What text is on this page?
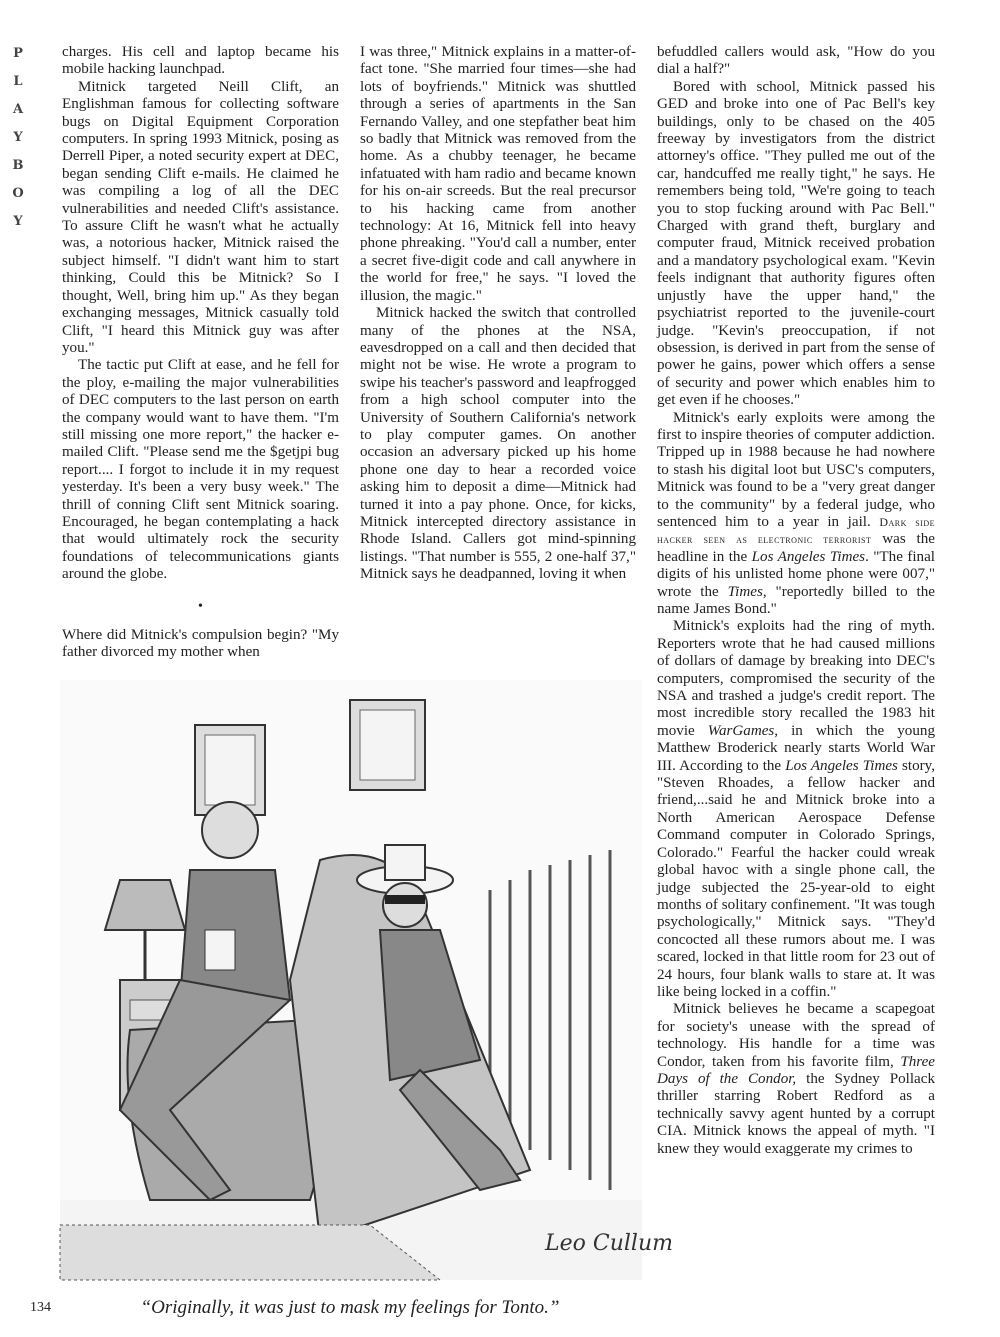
P
L
A
Y
B
O
Y

charges. His cell and laptop became his mobile hacking launchpad.

Mitnick targeted Neill Clift, an Englishman famous for collecting software bugs on Digital Equipment Corporation computers. In spring 1993 Mitnick, posing as Derrell Piper, a noted security expert at DEC, began sending Clift e-mails. He claimed he was compiling a log of all the DEC vulnerabilities and needed Clift's assistance. To assure Clift he wasn't what he actually was, a notorious hacker, Mitnick raised the subject himself. "I didn't want him to start thinking, Could this be Mitnick? So I thought, Well, bring him up." As they began exchanging messages, Mitnick casually told Clift, "I heard this Mitnick guy was after you."

The tactic put Clift at ease, and he fell for the ploy, e-mailing the major vulnerabilities of DEC computers to the last person on earth the company would want to have them. "I'm still missing one more report," the hacker e-mailed Clift. "Please send me the $getjpi bug report.... I forgot to include it in my request yesterday. It's been a very busy week." The thrill of conning Clift sent Mitnick soaring. Encouraged, he began contemplating a hack that would ultimately rock the security foundations of telecommunications giants around the globe.

•

Where did Mitnick's compulsion begin? "My father divorced my mother when

I was three," Mitnick explains in a matter-of-fact tone. "She married four times—she had lots of boyfriends." Mitnick was shuttled through a series of apartments in the San Fernando Valley, and one stepfather beat him so badly that Mitnick was removed from the home. As a chubby teenager, he became infatuated with ham radio and became known for his on-air screeds. But the real precursor to his hacking came from another technology: At 16, Mitnick fell into heavy phone phreaking. "You'd call a number, enter a secret five-digit code and call anywhere in the world for free," he says. "I loved the illusion, the magic."

Mitnick hacked the switch that controlled many of the phones at the NSA, eavesdropped on a call and then decided that might not be wise. He wrote a program to swipe his teacher's password and leapfrogged from a high school computer into the University of Southern California's network to play computer games. On another occasion an adversary picked up his home phone one day to hear a recorded voice asking him to deposit a dime—Mitnick had turned it into a pay phone. Once, for kicks, Mitnick intercepted directory assistance in Rhode Island. Callers got mind-spinning listings. "That number is 555, 2 one-half 37," Mitnick says he deadpanned, loving it when

befuddled callers would ask, "How do you dial a half?"

Bored with school, Mitnick passed his GED and broke into one of Pac Bell's key buildings, only to be chased on the 405 freeway by investigators from the district attorney's office. "They pulled me out of the car, handcuffed me really tight," he says. He remembers being told, "We're going to teach you to stop fucking around with Pac Bell." Charged with grand theft, burglary and computer fraud, Mitnick received probation and a mandatory psychological exam. "Kevin feels indignant that authority figures often unjustly have the upper hand," the psychiatrist reported to the juvenile-court judge. "Kevin's preoccupation, if not obsession, is derived in part from the sense of power he gains, power which offers a sense of security and power which enables him to get even if he chooses."

Mitnick's early exploits were among the first to inspire theories of computer addiction. Tripped up in 1988 because he had nowhere to stash his digital loot but USC's computers, Mitnick was found to be a "very great danger to the community" by a federal judge, who sentenced him to a year in jail. Dark side hacker seen as electronic terrorist was the headline in the Los Angeles Times. "The final digits of his unlisted home phone were 007," wrote the Times, "reportedly billed to the name James Bond."

Mitnick's exploits had the ring of myth. Reporters wrote that he had caused millions of dollars of damage by breaking into DEC's computers, compromised the security of the NSA and trashed a judge's credit report. The most incredible story recalled the 1983 hit movie WarGames, in which the young Matthew Broderick nearly starts World War III. According to the Los Angeles Times story, "Steven Rhoades, a fellow hacker and friend,...said he and Mitnick broke into a North American Aerospace Defense Command computer in Colorado Springs, Colorado." Fearful the hacker could wreak global havoc with a single phone call, the judge subjected the 25-year-old to eight months of solitary confinement. "It was tough psychologically," Mitnick says. "They'd concocted all these rumors about me. I was scared, locked in that little room for 23 out of 24 hours, four blank walls to stare at. It was like being locked in a coffin."

Mitnick believes he became a scapegoat for society's unease with the spread of technology. His handle for a time was Condor, taken from his favorite film, Three Days of the Condor, the Sydney Pollack thriller starring Robert Redford as a technically savvy agent hunted by a corrupt CIA. Mitnick knows the appeal of myth. "I knew they would exaggerate my crimes to

Leo Cullum
134	“Originally, it was just to mask my feelings for Tonto.”
